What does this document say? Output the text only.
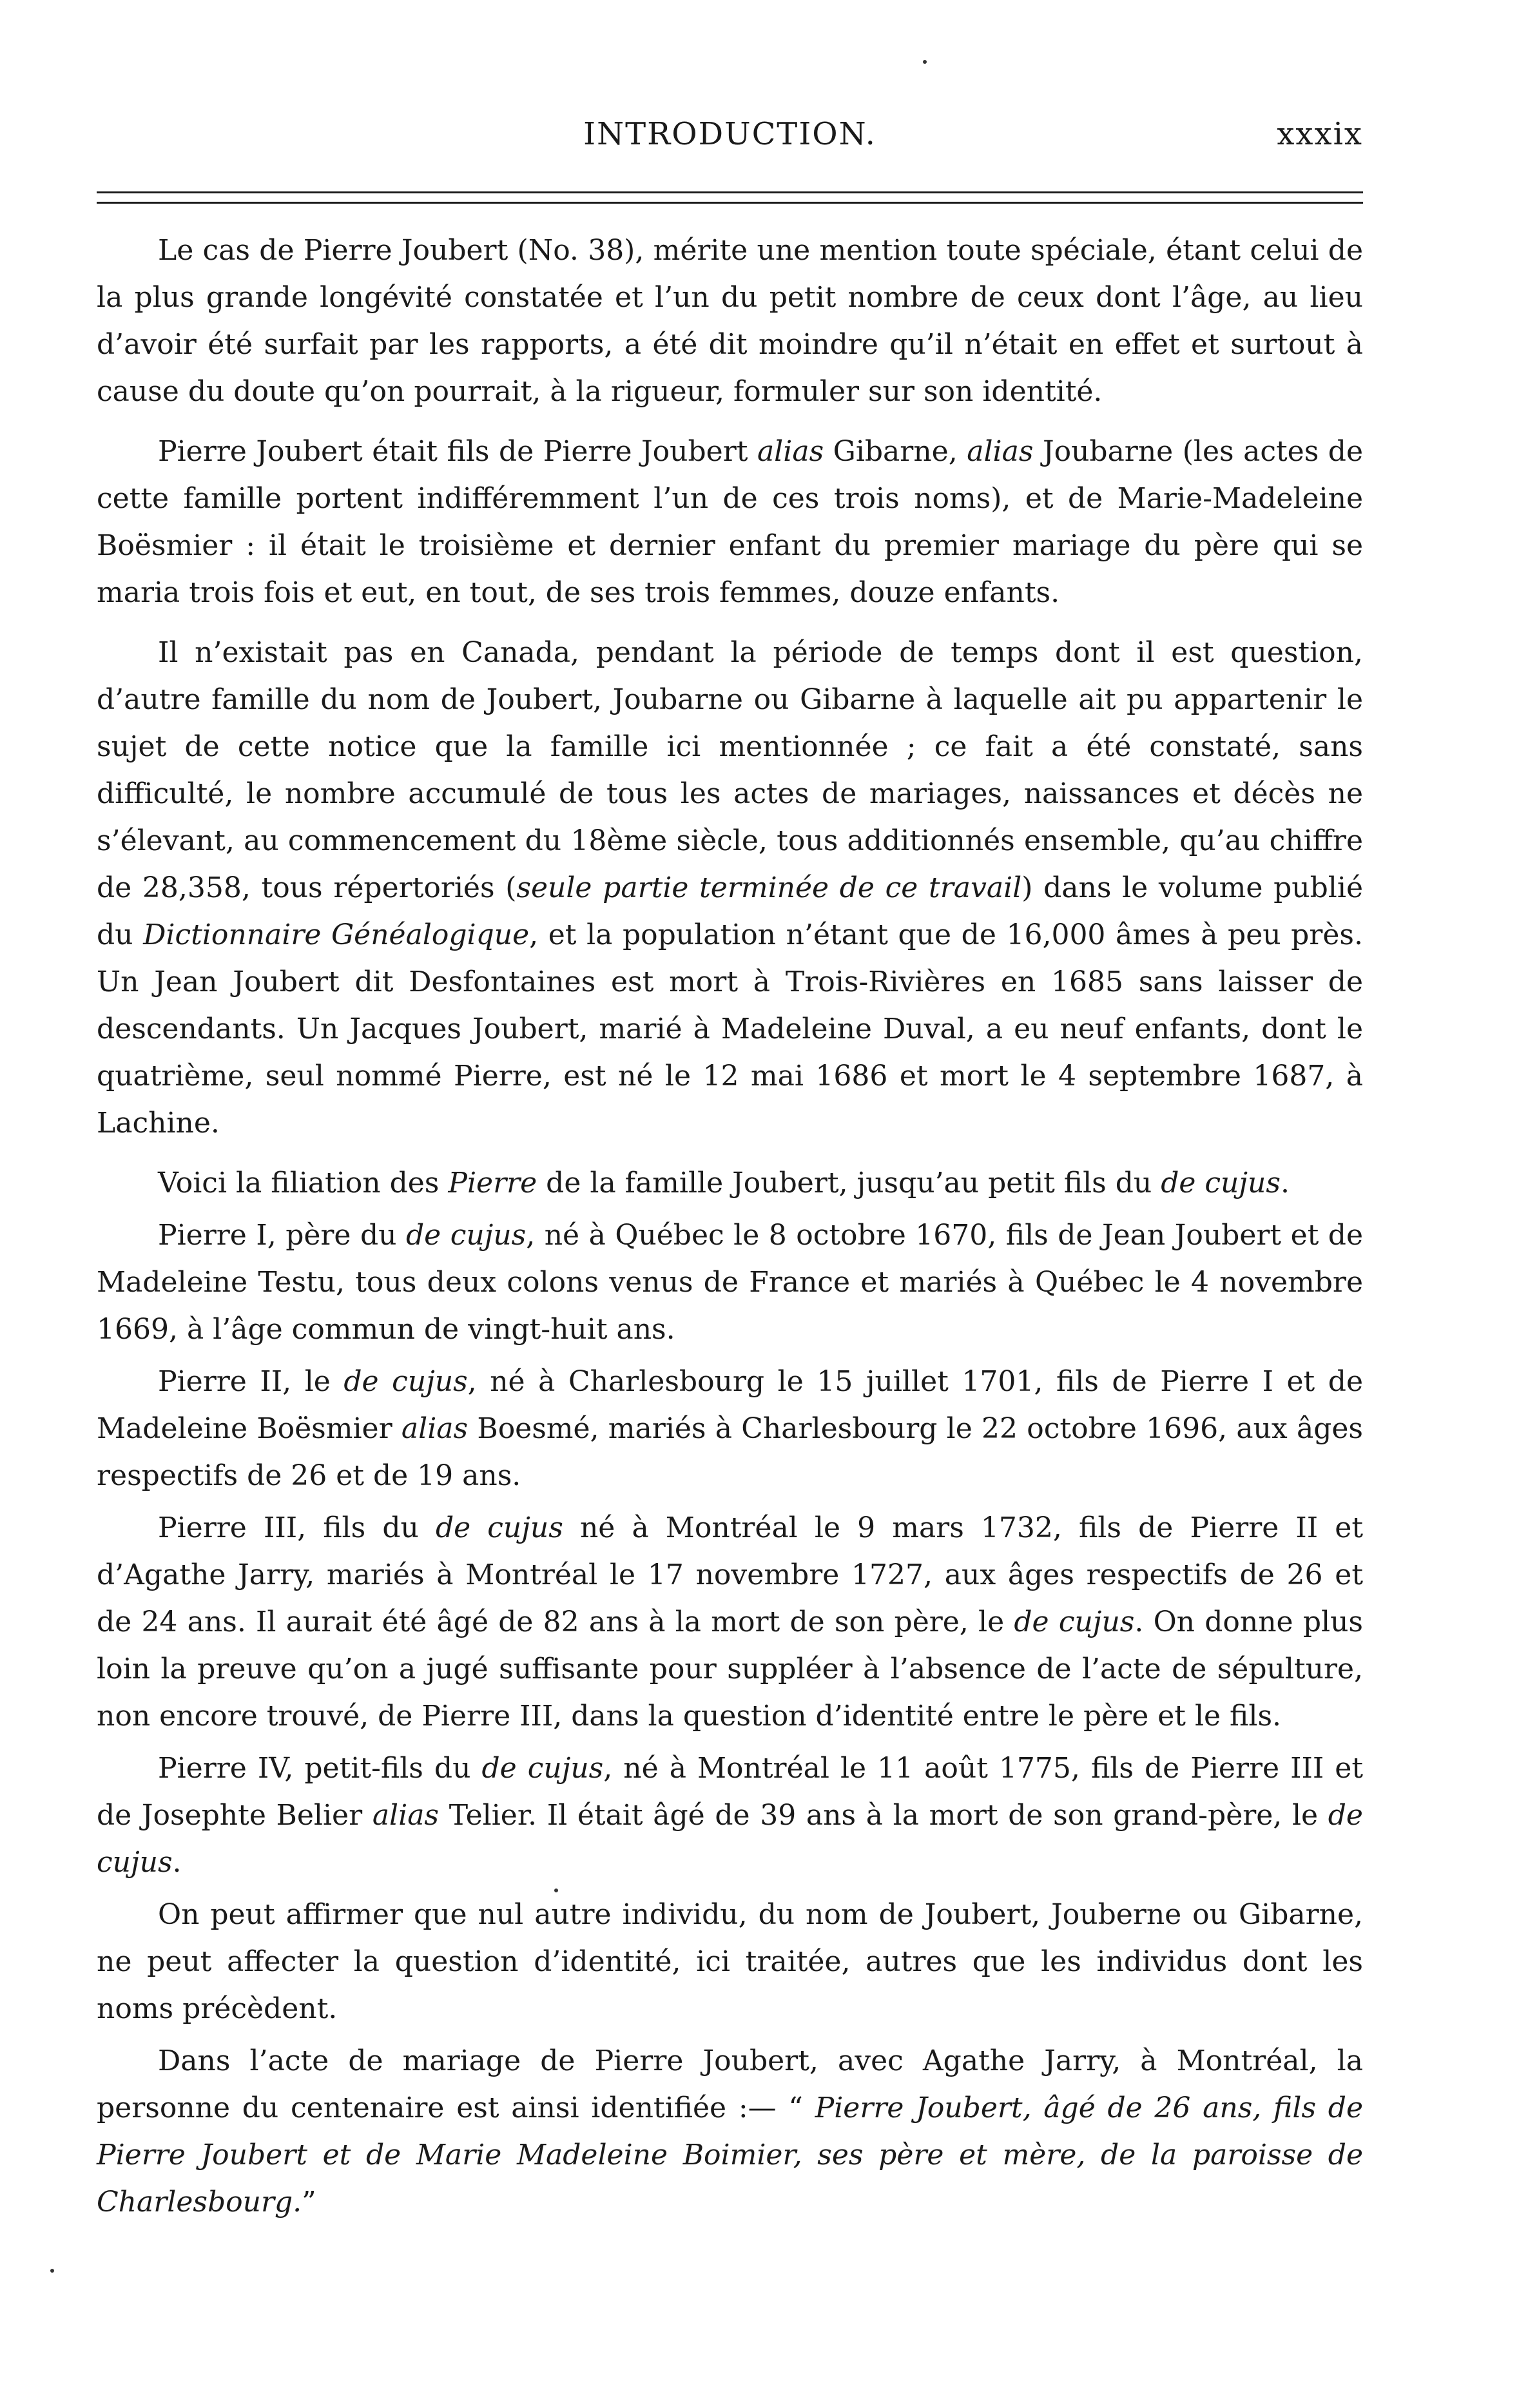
INTRODUCTION.	xxxix

Le cas de Pierre Joubert (No. 38), mérite une mention toute spéciale, étant celui de la plus grande longévité constatée et l’un du petit nombre de ceux dont l’âge, au lieu d’avoir été surfait par les rapports, a été dit moindre qu’il n’était en effet et surtout à cause du doute qu’on pourrait, à la rigueur, formuler sur son identité.

Pierre Joubert était fils de Pierre Joubert alias Gibarne, alias Joubarne (les actes de cette famille portent indifféremment l’un de ces trois noms), et de Marie-Madeleine Boësmier : il était le troisième et dernier enfant du premier mariage du père qui se maria trois fois et eut, en tout, de ses trois femmes, douze enfants.

Il n’existait pas en Canada, pendant la période de temps dont il est question, d’autre famille du nom de Joubert, Joubarne ou Gibarne à laquelle ait pu appartenir le sujet de cette notice que la famille ici mentionnée ; ce fait a été constaté, sans difficulté, le nombre accumulé de tous les actes de mariages, naissances et décès ne s’élevant, au commencement du 18ème siècle, tous additionnés ensemble, qu’au chiffre de 28,358, tous répertoriés (seule partie terminée de ce travail) dans le volume publié du Dictionnaire Généalogique, et la population n’étant que de 16,000 âmes à peu près. Un Jean Joubert dit Desfontaines est mort à Trois-Rivières en 1685 sans laisser de descendants. Un Jacques Joubert, marié à Madeleine Duval, a eu neuf enfants, dont le quatrième, seul nommé Pierre, est né le 12 mai 1686 et mort le 4 septembre 1687, à Lachine.

Voici la filiation des Pierre de la famille Joubert, jusqu’au petit fils du de cujus.

Pierre I, père du de cujus, né à Québec le 8 octobre 1670, fils de Jean Joubert et de Madeleine Testu, tous deux colons venus de France et mariés à Québec le 4 novembre 1669, à l’âge commun de vingt-huit ans.

Pierre II, le de cujus, né à Charlesbourg le 15 juillet 1701, fils de Pierre I et de Madeleine Boësmier alias Boesmé, mariés à Charlesbourg le 22 octobre 1696, aux âges respectifs de 26 et de 19 ans.

Pierre III, fils du de cujus né à Montréal le 9 mars 1732, fils de Pierre II et d’Agathe Jarry, mariés à Montréal le 17 novembre 1727, aux âges respectifs de 26 et de 24 ans. Il aurait été âgé de 82 ans à la mort de son père, le de cujus. On donne plus loin la preuve qu’on a jugé suffisante pour suppléer à l’absence de l’acte de sépulture, non encore trouvé, de Pierre III, dans la question d’identité entre le père et le fils.

Pierre IV, petit-fils du de cujus, né à Montréal le 11 août 1775, fils de Pierre III et de Josephte Belier alias Telier. Il était âgé de 39 ans à la mort de son grand-père, le de cujus.

On peut affirmer que nul autre individu, du nom de Joubert, Jouberne ou Gibarne, ne peut affecter la question d’identité, ici traitée, autres que les individus dont les noms précèdent.

Dans l’acte de mariage de Pierre Joubert, avec Agathe Jarry, à Montréal, la personne du centenaire est ainsi identifiée :— “ Pierre Joubert, âgé de 26 ans, fils de Pierre Joubert et de Marie Madeleine Boimier, ses père et mère, de la paroisse de Charlesbourg.”
